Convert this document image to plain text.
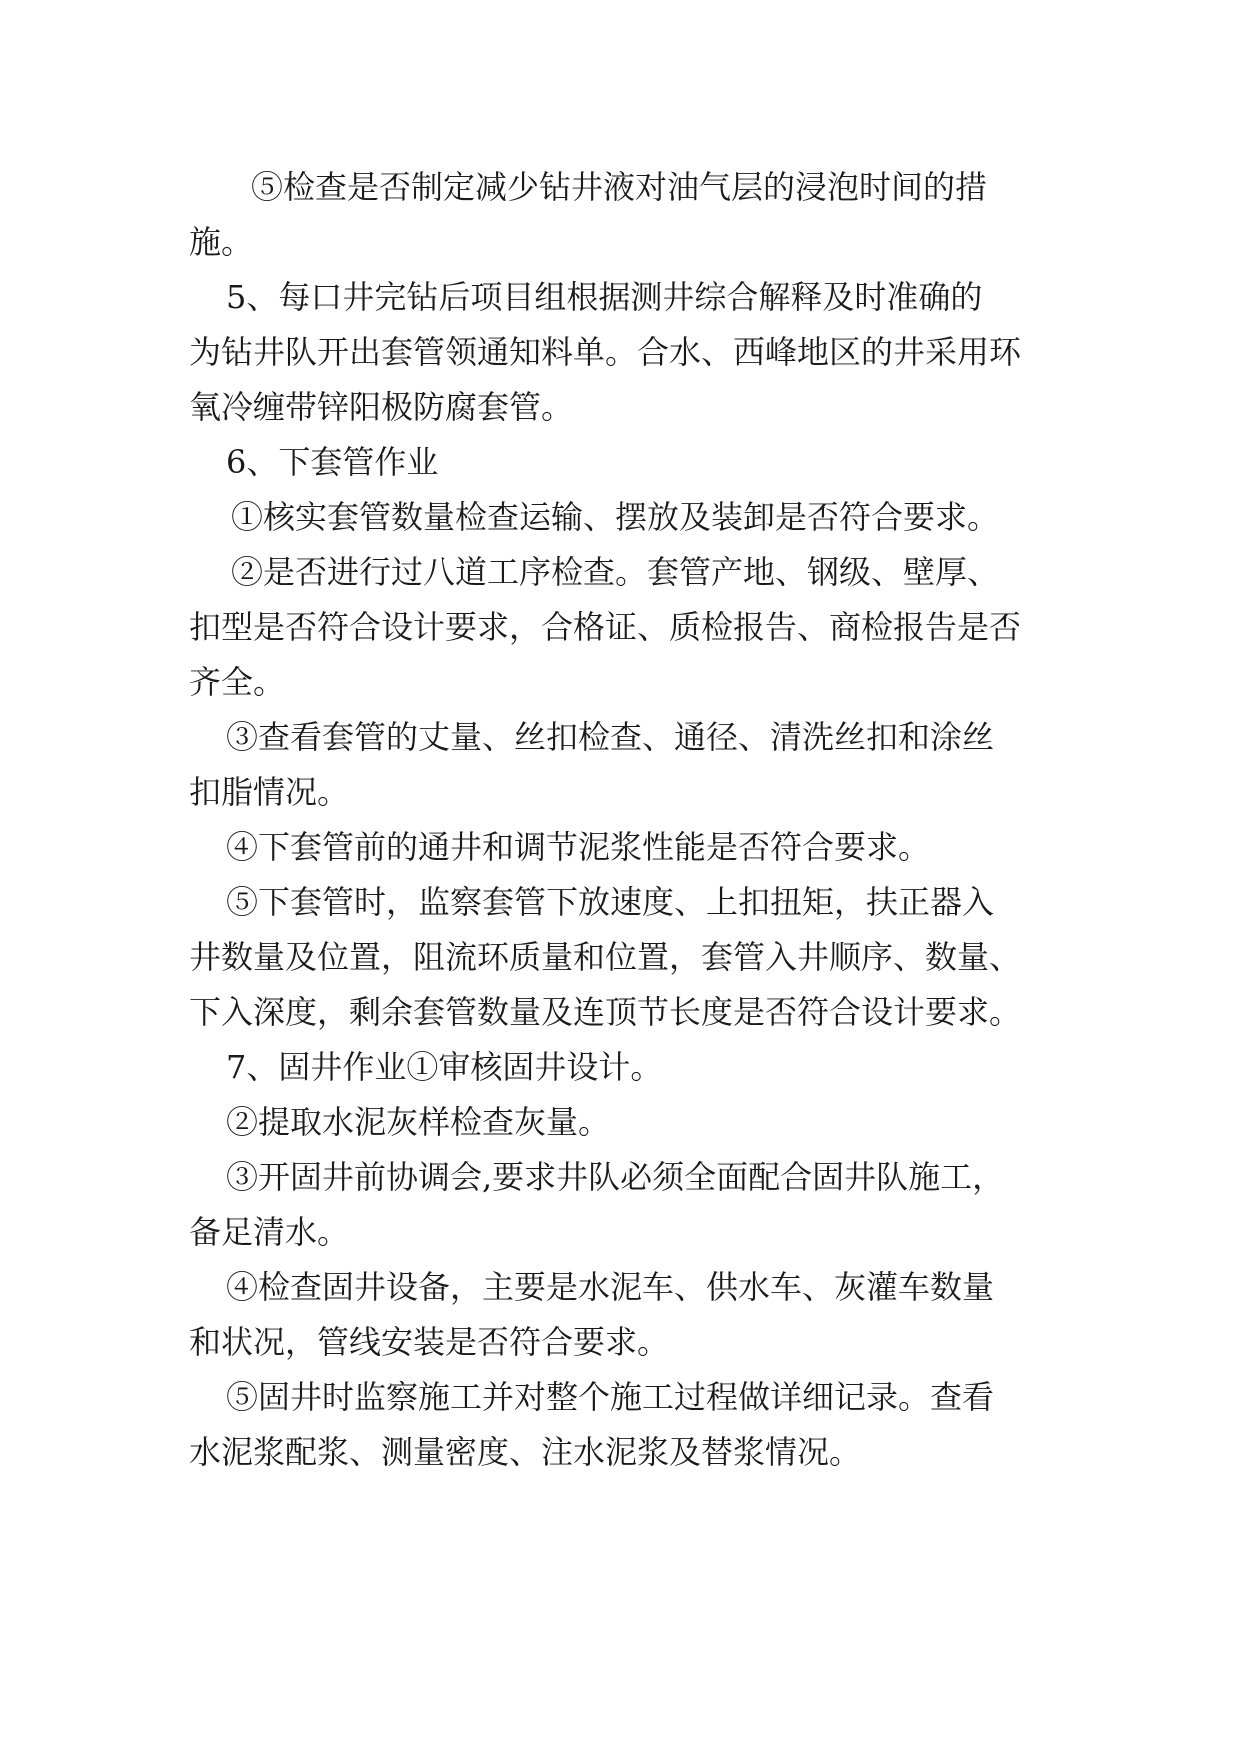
⑤检查是否制定减少钻井液对油气层的浸泡时间的措
施。
5、每口井完钻后项目组根据测井综合解释及时准确的
为钻井队开出套管领通知料单。合水、西峰地区的井采用环
氧冷缠带锌阳极防腐套管。
6、下套管作业
①核实套管数量检查运输、摆放及装卸是否符合要求。
②是否进行过八道工序检查。套管产地、钢级、壁厚、
扣型是否符合设计要求，合格证、质检报告、商检报告是否
齐全。
③查看套管的丈量、丝扣检查、通径、清洗丝扣和涂丝
扣脂情况。
④下套管前的通井和调节泥浆性能是否符合要求。
⑤下套管时，监察套管下放速度、上扣扭矩，扶正器入
井数量及位置，阻流环质量和位置，套管入井顺序、数量、
下入深度，剩余套管数量及连顶节长度是否符合设计要求。
7、固井作业①审核固井设计。
②提取水泥灰样检查灰量。
③开固井前协调会,要求井队必须全面配合固井队施工，
备足清水。
④检查固井设备，主要是水泥车、供水车、灰灌车数量
和状况，管线安装是否符合要求。
⑤固井时监察施工并对整个施工过程做详细记录。查看
水泥浆配浆、测量密度、注水泥浆及替浆情况。
